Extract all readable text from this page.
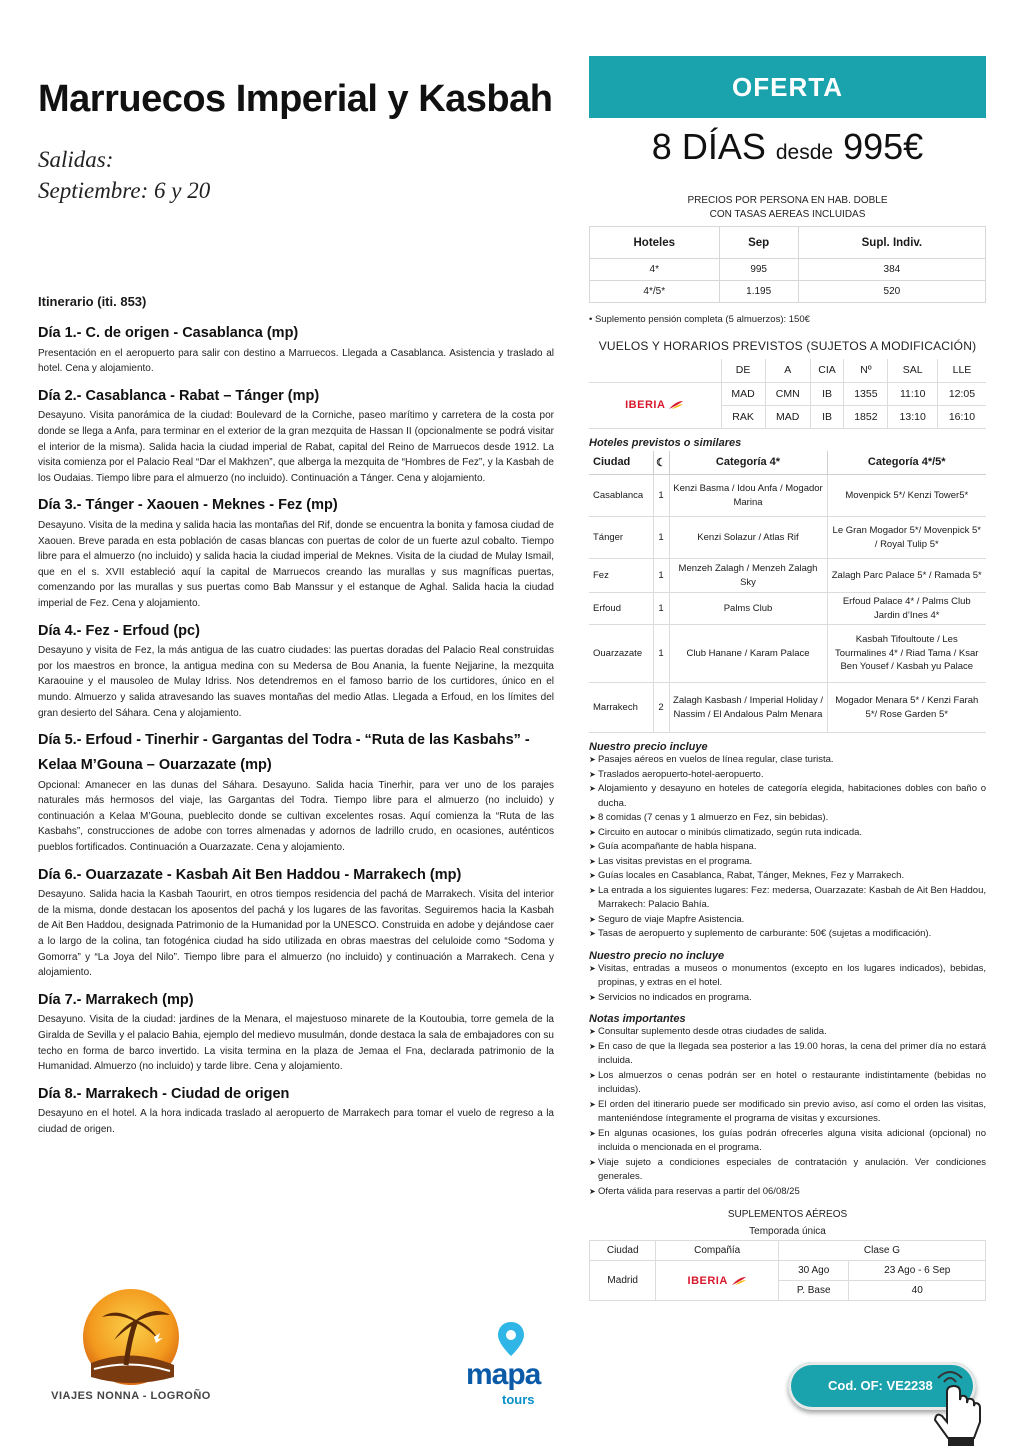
Marruecos Imperial y Kasbah
Salidas:
Septiembre: 6 y 20
Itinerario (iti. 853)
Día 1.- C. de origen - Casablanca (mp)

Presentación en el aeropuerto para salir con destino a Marruecos. Llegada a Casablanca. Asistencia y traslado al hotel. Cena y alojamiento.

Día 2.- Casablanca - Rabat – Tánger (mp)

Desayuno. Visita panorámica de la ciudad: Boulevard de la Corniche, paseo marítimo y carretera de la costa por donde se llega a Anfa, para terminar en el exterior de la gran mezquita de Hassan II (opcionalmente se podrá visitar el interior de la misma). Salida hacia la ciudad imperial de Rabat, capital del Reino de Marruecos desde 1912. La visita comienza por el Palacio Real “Dar el Makhzen”, que alberga la mezquita de “Hombres de Fez”, y la Kasbah de los Oudaias. Tiempo libre para el almuerzo (no incluido). Continuación a Tánger. Cena y alojamiento.

Día 3.- Tánger - Xaouen - Meknes - Fez (mp)

Desayuno. Visita de la medina y salida hacia las montañas del Rif, donde se encuentra la bonita y famosa ciudad de Xaouen. Breve parada en esta población de casas blancas con puertas de color de un fuerte azul cobalto. Tiempo libre para el almuerzo (no incluido) y salida hacia la ciudad imperial de Meknes. Visita de la ciudad de Mulay Ismail, que en el s. XVII estableció aquí la capital de Marruecos creando las murallas y sus magníficas puertas, comenzando por las murallas y sus puertas como Bab Manssur y el estanque de Aghal. Salida hacia la ciudad imperial de Fez. Cena y alojamiento.

Día 4.- Fez - Erfoud (pc)

Desayuno y visita de Fez, la más antigua de las cuatro ciudades: las puertas doradas del Palacio Real construidas por los maestros en bronce, la antigua medina con su Medersa de Bou Anania, la fuente Nejjarine, la mezquita Karaouine y el mausoleo de Mulay Idriss. Nos detendremos en el famoso barrio de los curtidores, único en el mundo. Almuerzo y salida atravesando las suaves montañas del medio Atlas. Llegada a Erfoud, en los límites del gran desierto del Sáhara. Cena y alojamiento.

Día 5.- Erfoud - Tinerhir - Gargantas del Todra - “Ruta de las Kasbahs” - Kelaa M’Gouna – Ouarzazate (mp)

Opcional: Amanecer en las dunas del Sáhara. Desayuno. Salida hacia Tinerhir, para ver uno de los parajes naturales más hermosos del viaje, las Gargantas del Todra. Tiempo libre para el almuerzo (no incluido) y continuación a Kelaa M’Gouna, pueblecito donde se cultivan excelentes rosas. Aquí comienza la “Ruta de las Kasbahs”, construcciones de adobe con torres almenadas y adornos de ladrillo crudo, en ocasiones, auténticos pueblos fortificados. Continuación a Ouarzazate. Cena y alojamiento.

Día 6.- Ouarzazate - Kasbah Ait Ben Haddou - Marrakech (mp)

Desayuno. Salida hacia la Kasbah Taourirt, en otros tiempos residencia del pachá de Marrakech. Visita del interior de la misma, donde destacan los aposentos del pachá y los lugares de las favoritas. Seguiremos hacia la Kasbah de Ait Ben Haddou, designada Patrimonio de la Humanidad por la UNESCO. Construida en adobe y dejándose caer a lo largo de la colina, tan fotogénica ciudad ha sido utilizada en obras maestras del celuloide como “Sodoma y Gomorra” y “La Joya del Nilo”. Tiempo libre para el almuerzo (no incluido) y continuación a Marrakech. Cena y alojamiento.

Día 7.- Marrakech (mp)

Desayuno. Visita de la ciudad: jardines de la Menara, el majestuoso minarete de la Koutoubia, torre gemela de la Giralda de Sevilla y el palacio Bahia, ejemplo del medievo musulmán, donde destaca la sala de embajadores con su techo en forma de barco invertido. La visita termina en la plaza de Jemaa el Fna, declarada patrimonio de la Humanidad. Almuerzo (no incluido) y tarde libre. Cena y alojamiento.

Día 8.- Marrakech - Ciudad de origen

Desayuno en el hotel. A la hora indicada traslado al aeropuerto de Marrakech para tomar el vuelo de regreso a la ciudad de origen.

VIAJES NONNA - LOGROÑO
mapa
tours
OFERTA
8 DÍAS desde 995€
PRECIOS POR PERSONA EN HAB. DOBLE
CON TASAS AEREAS INCLUIDAS
Hoteles	Sep	Supl. Indiv.
4*	995	384
4*/5*	1.195	520
• Suplemento pensión completa (5 almuerzos): 150€
VUELOS Y HORARIOS PREVISTOS (SUJETOS A MODIFICACIÓN)
	DE	A	CIA	Nº	SAL	LLE

IBERIA	MAD	CMN	IB	1355	11:10	12:05
	RAK	MAD	IB	1852	13:10	16:10
Hoteles previstos o similares
Ciudad	☾	Categoría 4*	Categoría 4*/5*
Casablanca	1	Kenzi Basma / Idou Anfa / Mogador Marina	Movenpick 5*/ Kenzi Tower5*
Tánger	1	Kenzi Solazur / Atlas Rif	Le Gran Mogador 5*/ Movenpick 5* / Royal Tulip 5*
Fez	1	Menzeh Zalagh / Menzeh Zalagh Sky	Zalagh Parc Palace 5* / Ramada 5*
Erfoud	1	Palms Club	Erfoud Palace 4* / Palms Club Jardin d’Ines 4*
Ouarzazate	1	Club Hanane / Karam Palace	Kasbah Tifoultoute / Les Tourmalines 4* / Riad Tama / Ksar Ben Yousef / Kasbah yu Palace
Marrakech	2	Zalagh Kasbash / Imperial Holiday / Nassim / El Andalous Palm Menara	Mogador Menara 5* / Kenzi Farah 5*/ Rose Garden 5*
Nuestro precio incluye
➤ Pasajes aéreos en vuelos de línea regular, clase turista.
➤ Traslados aeropuerto-hotel-aeropuerto.
➤ Alojamiento y desayuno en hoteles de categoría elegida, habitaciones dobles con baño o ducha.
➤ 8 comidas (7 cenas y 1 almuerzo en Fez, sin bebidas).
➤ Circuito en autocar o minibús climatizado, según ruta indicada.
➤ Guía acompañante de habla hispana.
➤ Las visitas previstas en el programa.
➤ Guías locales en Casablanca, Rabat, Tánger, Meknes, Fez y Marrakech.
➤ La entrada a los siguientes lugares: Fez: medersa, Ouarzazate: Kasbah de Ait Ben Haddou, Marrakech: Palacio Bahía.
➤ Seguro de viaje Mapfre Asistencia.
➤ Tasas de aeropuerto y suplemento de carburante: 50€ (sujetas a modificación).
Nuestro precio no incluye
➤ Visitas, entradas a museos o monumentos (excepto en los lugares indicados), bebidas, propinas, y extras en el hotel.
➤ Servicios no indicados en programa.
Notas importantes
➤ Consultar suplemento desde otras ciudades de salida.
➤ En caso de que la llegada sea posterior a las 19.00 horas, la cena del primer día no estará incluida.
➤ Los almuerzos o cenas podrán ser en hotel o restaurante indistintamente (bebidas no incluidas).
➤ El orden del itinerario puede ser modificado sin previo aviso, así como el orden las visitas, manteniéndose íntegramente el programa de visitas y excursiones.
➤ En algunas ocasiones, los guías podrán ofrecerles alguna visita adicional (opcional) no incluida o mencionada en el programa.
➤ Viaje sujeto a condiciones especiales de contratación y anulación. Ver condiciones generales.
➤ Oferta válida para reservas a partir del 06/08/25
SUPLEMENTOS AÉREOS
Temporada única
Ciudad	Compañía	Clase G	
Madrid	IBERIA	30 Ago	23 Ago - 6 Sep
		P. Base	40
Cod. OF: VE2238
